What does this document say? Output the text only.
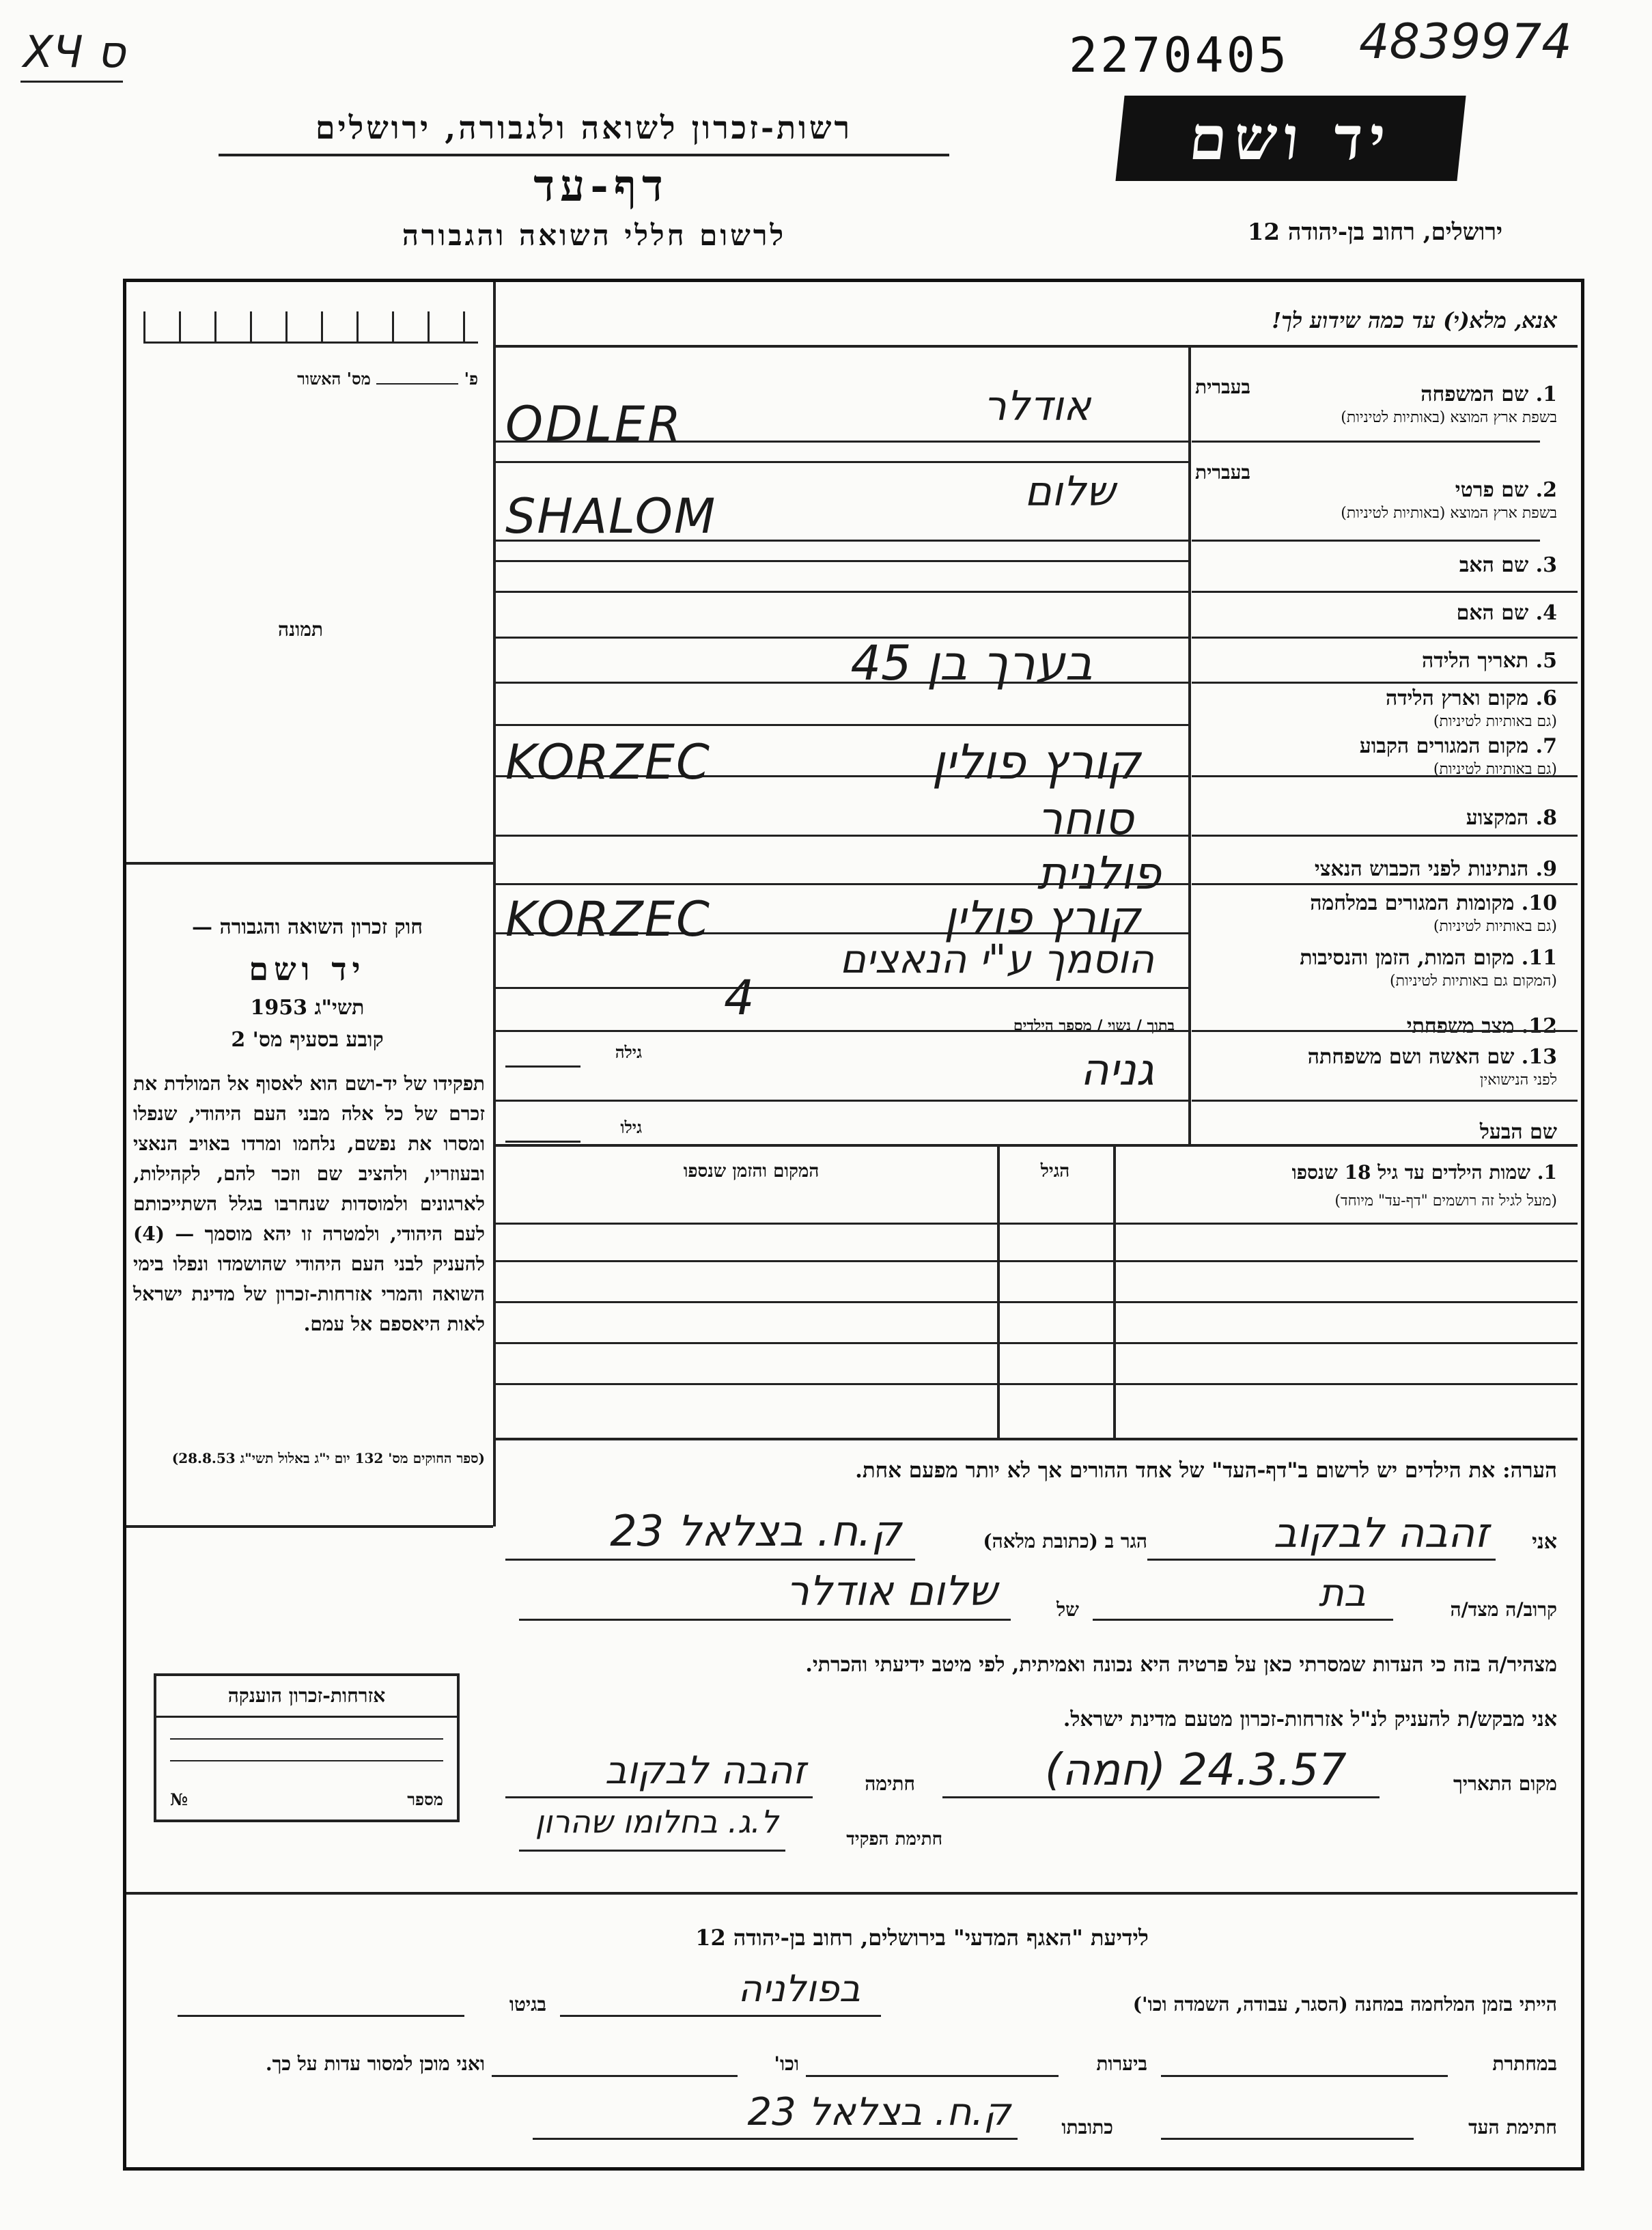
XЧ ס	2270405 4839974
רשות-זכרון לשואה ולגבורה, ירושלים
דף-עד
לרשום חללי השואה והגבורה
יד ושם
ירושלים, רחוב בן-יהודה 12
אנא, מלא(י) עד כמה שידוע לך!
פ'  מס' האשור
תמונה
חוק זכרון השואה והגבורה —
יד ושם
תשי"ג 1953
קובע בסעיף מס' 2
תפקידו של יד-ושם הוא לאסוף אל המולדת את זכרם של כל אלה מבני העם היהודי, שנפלו ומסרו את נפשם, נלחמו ומרדו באויב הנאצי ובעוזריו, ולהציב שם וזכר להם, לקהילות, לארגונים ולמוסדות שנחרבו בגלל השתייכותם לעם היהודי, ולמטרה זו יהא מוסמך — (4) להעניק לבני העם היהודי שהושמדו ונפלו בימי השואה והמרי אזרחות-זכרון של מדינת ישראל לאות היאספם אל עמם.
(ספר החוקים מס' 132 יום י"ג באלול תשי"ג 28.8.53)
1. שם המשפחה
בשפת ארץ המוצא (באותיות לטיניות)
2. שם פרטי
בשפת ארץ המוצא (באותיות לטיניות)
3. שם האב
4. שם האם
5. תאריך הלידה
6. מקום וארץ הלידה
(גם באותיות לטיניות)
7. מקום המגורים הקבוע
(גם באותיות לטיניות)
8. המקצוע
9. הנתינות לפני הכבוש הנאצי
10. מקומות המגורים במלחמה
(גם באותיות לטיניות)
11. מקום המות, הזמן והנסיבות
(המקום גם באותיות לטיניות)
12. מצב משפחתי
בתוך / נשוי / מספר הילדים
13. שם האשה ושם משפחתה
לפני הנישואין
גילה
שם הבעל
גילו
בעברית
בעברית
אודלר
ODLER
שלום
SHALOM
בערך בן 45
קורץ פולין
KORZEC
סוחר
פולנית
קורץ פולין
KORZEC
הוסמך ע"י הנאצים
4
גניה
1. שמות הילדים עד גיל 18 שנספו
(מעל לגיל זה רושמים "דף-עד" מיוחד)
הגיל
המקום והזמן שנספו
הערה: את הילדים יש לרשום ב"דף-העד" של אחד ההורים אך לא יותר מפעם אחת.
אני
זהבה לבקוב
הגר ב (כתובת מלאה)
ק.ח. בצלאל 23
קרוב/ה מצד/ה
בת
של
שלום אודלר
מצהיר/ה בזה כי העדות שמסרתי כאן על פרטיה היא נכונה ואמיתית, לפי מיטב ידיעתי והכרתי.
אני מבקש/ת להעניק לנ"ל אזרחות-זכרון מטעם מדינת ישראל.
אזרחות-זכרון הוענקה
מספר
№
מקום התאריך
(חמה) 24.3.57
חתימה
זהבה לבקוב
חתימת הפקיד
ל.ג. בחלומו שהרון
לידיעת "האגף המדעי" בירושלים, רחוב בן-יהודה 12
הייתי בזמן המלחמה במחנה (הסגר, עבודה, השמדה וכו')
בפולניה
בגיטו
במחתרת
ביערות
וכו'
ואני מוכן למסור עדות על כך.
חתימת העד
כתובתו
ק.ח. בצלאל 23
